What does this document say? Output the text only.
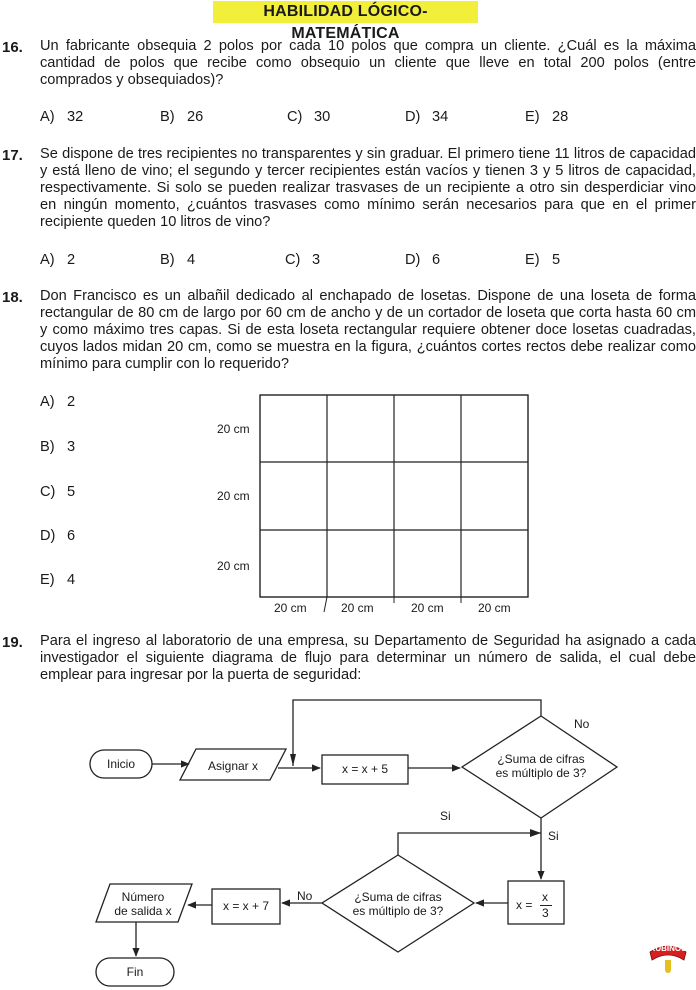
HABILIDAD LÓGICO-MATEMÁTICA
16. Un fabricante obsequia 2 polos por cada 10 polos que compra un cliente. ¿Cuál es la máxima cantidad de polos que recibe como obsequio un cliente que lleve en total 200 polos (entre comprados y obsequiados)?
A) 32	B) 26	C) 30	D) 34	E) 28
17. Se dispone de tres recipientes no transparentes y sin graduar. El primero tiene 11 litros de capacidad y está lleno de vino; el segundo y tercer recipientes están vacíos y tienen 3 y 5 litros de capacidad, respectivamente. Si solo se pueden realizar trasvases de un recipiente a otro sin desperdiciar vino en ningún momento, ¿cuántos trasvases como mínimo serán necesarios para que en el primer recipiente queden 10 litros de vino?
A) 2	B) 4	C) 3	D) 6	E) 5
18. Don Francisco es un albañil dedicado al enchapado de losetas. Dispone de una loseta de forma rectangular de 80 cm de largo por 60 cm de ancho y de un cortador de loseta que corta hasta 60 cm y como máximo tres capas. Si de esta loseta rectangular requiere obtener doce losetas cuadradas, cuyos lados midan 20 cm, como se muestra en la figura, ¿cuántos cortes rectos debe realizar como mínimo para cumplir con lo requerido?
A) 2
B) 3
C) 5
D) 6
E) 4
20 cm
20 cm
20 cm
20 cm	20 cm	20 cm	20 cm
19. Para el ingreso al laboratorio de una empresa, su Departamento de Seguridad ha asignado a cada investigador el siguiente diagrama de flujo para determinar un número de salida, el cual debe emplear para ingresar por la puerta de seguridad:
Inicio	Asignar x	x = x + 5
¿Suma de cifras
es múltiplo de 3?
No
Si
Si
x =
x
3
¿Suma de cifras
es múltiplo de 3?
No
x = x + 7
Número
de salida x
Fin
RUBIÑOS
